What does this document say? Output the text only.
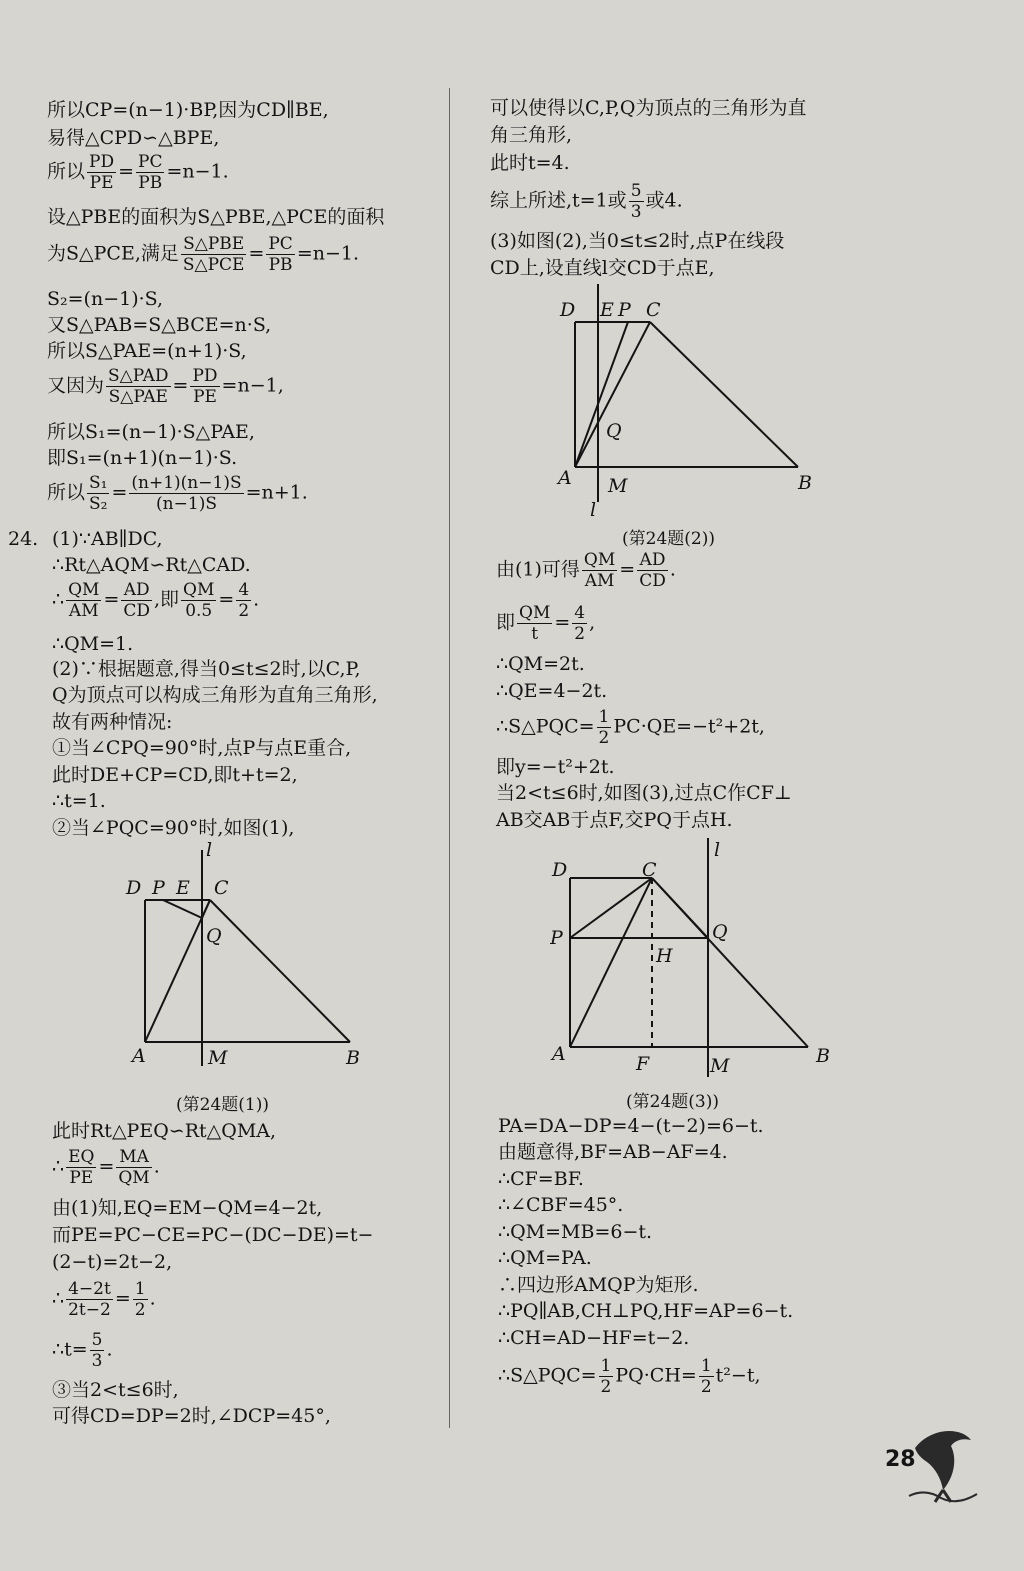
所以CP=(n−1)·BP,因为CD∥BE,
易得△CPD∽△BPE,
所以 $\frac{PD}{PE} = \frac{PC}{PB} =n-1$.
设△PBE的面积为S△PBE,△PCE的面积
为S△PCE,满足 $\frac{\text{S△PBE}}{\text{S△PCE}} = \frac{PC}{PB} =n-1$.
S₂=(n−1)·S,
又S△PAB=S△BCE=n·S,
所以S△PAE=(n+1)·S,
又因为 $\frac{\text{S△PAD}}{\text{S△PAE}} = \frac{PD}{PE} =n-1$,
所以S₁=(n−1)·S△PAE,
即S₁=(n+1)(n−1)·S.
所以 $\frac{\text{S₁}}{\text{S₂}} = \frac{(n+1)(n-1)S}{(n-1)S} =n+1$.
24. (1)∵AB∥DC,
∴Rt△AQM∽Rt△CAD.
∴ $\frac{QM}{AM} = \frac{AD}{CD}$ ,即 $\frac{QM}{0.5} = \frac{4}{2}$ .
∴QM=1.
(2)∵根据题意,得当0≤t≤2时,以C,P,
Q为顶点可以构成三角形为直角三角形,
故有两种情况:
①当∠CPQ=90°时,点P与点E重合,
此时DE+CP=CD,即t+t=2,
∴t=1.
②当∠PQC=90°时,如图(1),
D P E C
Q
l
A	M	B
(第24题(1))
此时Rt△PEQ∽Rt△QMA,
∴ $\frac{EQ}{PE} = \frac{MA}{QM}$ .
由(1)知,EQ=EM−QM=4−2t,
而PE=PC−CE=PC−(DC−DE)=t−
(2−t)=2t−2,
∴ $\frac{4-2t}{2t-2} = \frac{1}{2}$ .
∴t= $\frac{5}{3}$ .
③当2<t≤6时,
可得CD=DP=2时,∠DCP=45°,
可以使得以C,P,Q为顶点的三角形为直
角三角形,
此时t=4.
综上所述,t=1或 $\frac{5}{3}$ 或4.
(3)如图(2),当0≤t≤2时,点P在线段
CD上,设直线l交CD于点E,
D E P C
Q
A M	B
l
(第24题(2))
由(1)可得 $\frac{QM}{AM} = \frac{AD}{CD}$ .
即 $\frac{QM}{t} = \frac{4}{2}$ ,
∴QM=2t.
∴QE=4−2t.
∴S△PQC= $\frac{1}{2} PC\cdot QE=-t^2+2t$,
即y=−t²+2t.
当2<t≤6时,如图(3),过点C作CF⊥
AB交AB于点F,交PQ于点H.
D	C
l
P	Q
H
A	F	M	B
(第24题(3))
PA=DA−DP=4−(t−2)=6−t.
由题意得,BF=AB−AF=4.
∴CF=BF.
∴∠CBF=45°.
∴QM=MB=6−t.
∴QM=PA.
∴四边形AMQP为矩形.
∴PQ∥AB,CH⊥PQ,HF=AP=6−t.
∴CH=AD−HF=t−2.
∴S△PQC= $\frac{1}{2} PQ\cdot CH= \frac{1}{2} t^2-t$,
28
